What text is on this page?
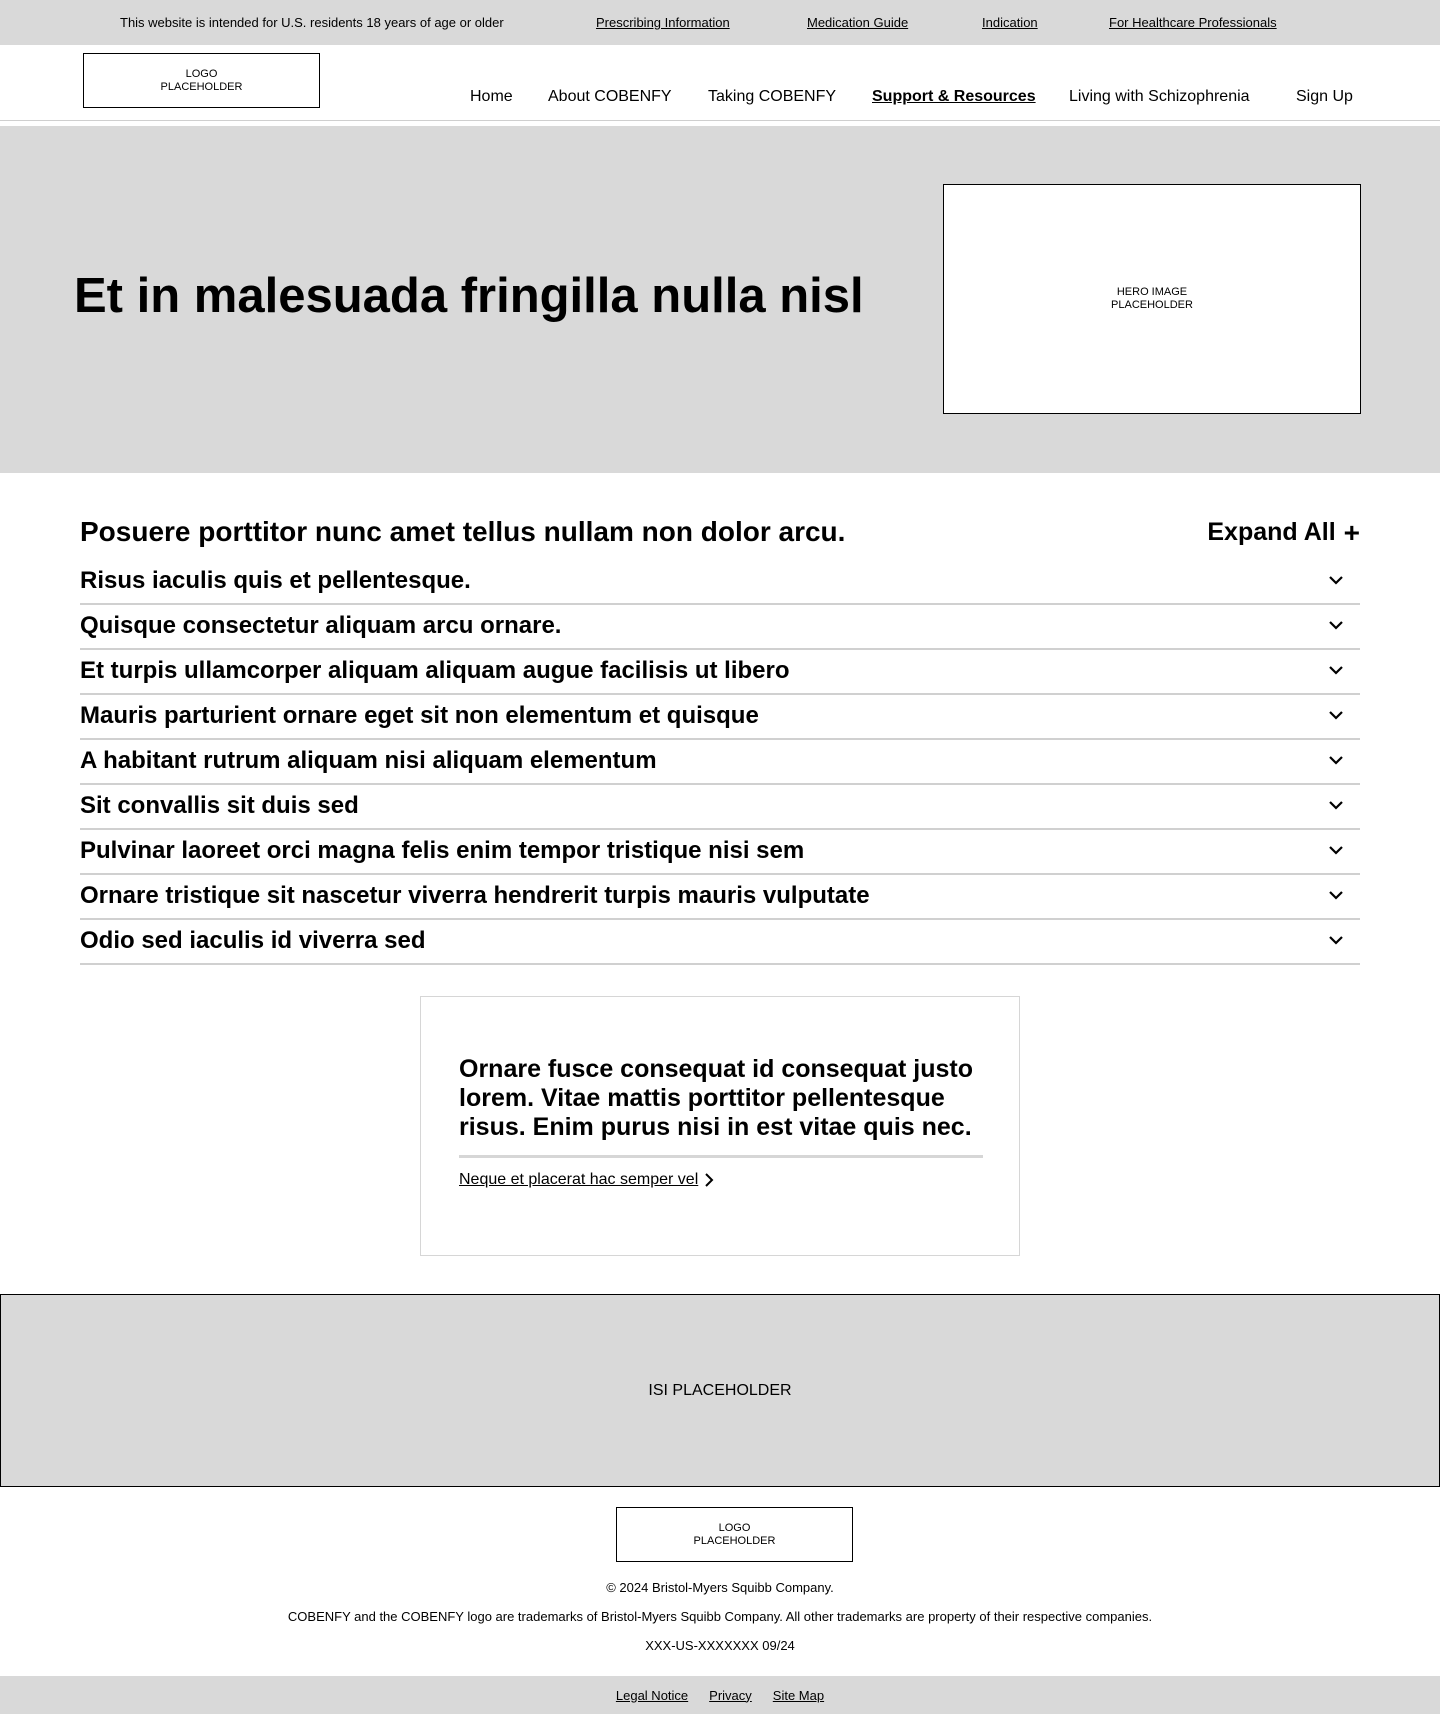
This website is intended for U.S. residents 18 years of age or older	Prescribing Information	Medication Guide	Indication	For Healthcare Professionals
LOGO
PLACEHOLDER
Home About COBENFY Taking COBENFY Support & Resources Living with Schizophrenia	Sign Up
Et in malesuada fringilla nulla nisl	HERO IMAGE
PLACEHOLDER
Posuere porttitor nunc amet tellus nullam non dolor arcu.	Expand All +
Risus iaculis quis et pellentesque.
Quisque consectetur aliquam arcu ornare.
Et turpis ullamcorper aliquam aliquam augue facilisis ut libero
Mauris parturient ornare eget sit non elementum et quisque
A habitant rutrum aliquam nisi aliquam elementum
Sit convallis sit duis sed
Pulvinar laoreet orci magna felis enim tempor tristique nisi sem
Ornare tristique sit nascetur viverra hendrerit turpis mauris vulputate
Odio sed iaculis id viverra sed

Ornare fusce consequat id consequat justo lorem. Vitae mattis porttitor pellentesque risus. Enim purus nisi in est vitae quis nec.

Neque et placerat hac semper vel
ISI PLACEHOLDER
LOGO
PLACEHOLDER

© 2024 Bristol-Myers Squibb Company.

COBENFY and the COBENFY logo are trademarks of Bristol-Myers Squibb Company. All other trademarks are property of their respective companies.

XXX-US-XXXXXXX 09/24

Legal Notice Privacy Site Map
